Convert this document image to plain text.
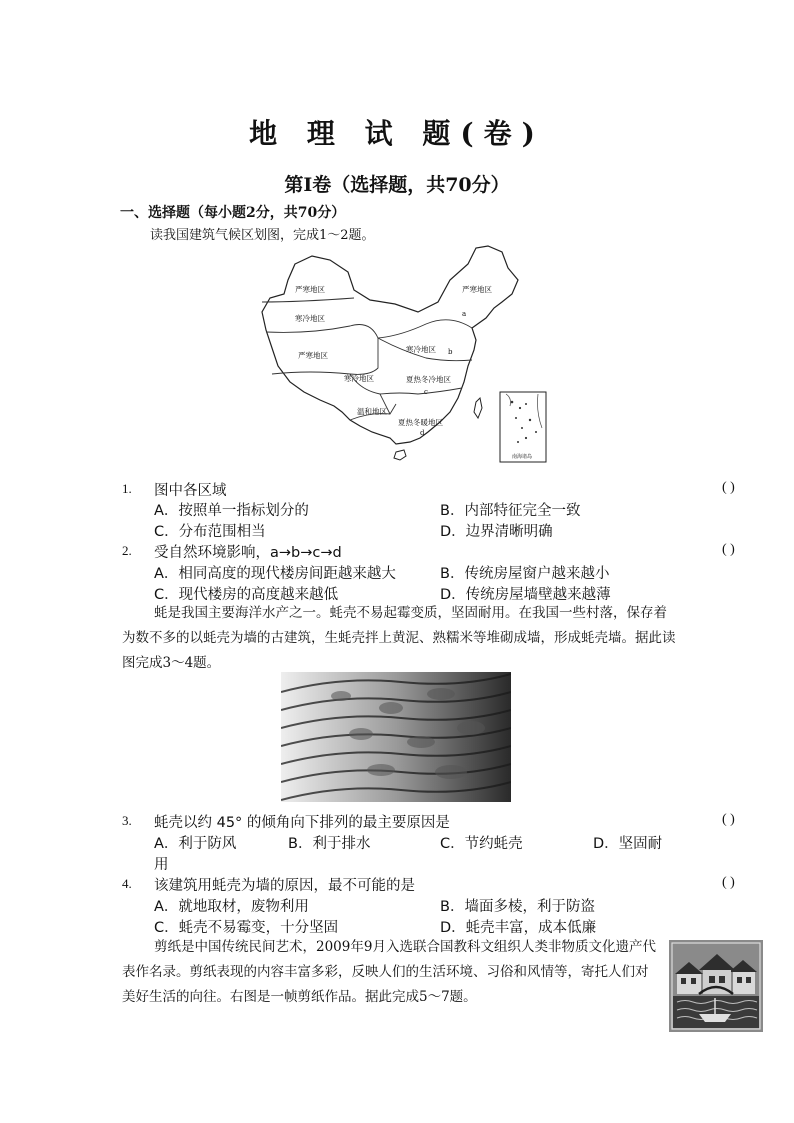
地 理 试 题(卷)
第Ⅰ卷（选择题，共70分）
一、选择题（每小题2分，共70分）
读我国建筑气候区划图，完成1～2题。
严寒地区
寒冷地区
严寒地区
严寒地区
寒冷地区
寒冷地区	夏热冬冷地区
温和地区
夏热冬暖地区
a
b
c
d
南海诸岛
1. 图中各区域	( )
A．按照单一指标划分的	B．内部特征完全一致
C．分布范围相当	D．边界清晰明确
2. 受自然环境影响，a→b→c→d	( )
A．相同高度的现代楼房间距越来越大	B．传统房屋窗户越来越小
C．现代楼房的高度越来越低	D．传统房屋墙壁越来越薄
蚝是我国主要海洋水产之一。蚝壳不易起霉变质，坚固耐用。在我国一些村落，保存着为数不多的以蚝壳为墙的古建筑，生蚝壳拌上黄泥、熟糯米等堆砌成墙，形成蚝壳墙。据此读图完成3～4题。
3. 蚝壳以约 45° 的倾角向下排列的最主要原因是	( )
A．利于防风	B．利于排水	C．节约蚝壳	D．坚固耐
用
4. 该建筑用蚝壳为墙的原因，最不可能的是	( )
A．就地取材，废物利用	B．墙面多棱，利于防盗
C．蚝壳不易霉变，十分坚固	D．蚝壳丰富，成本低廉
剪纸是中国传统民间艺术，2009年9月入选联合国教科文组织人类非物质文化遗产代表作名录。剪纸表现的内容丰富多彩，反映人们的生活环境、习俗和风情等，寄托人们对美好生活的向往。右图是一帧剪纸作品。据此完成5～7题。
